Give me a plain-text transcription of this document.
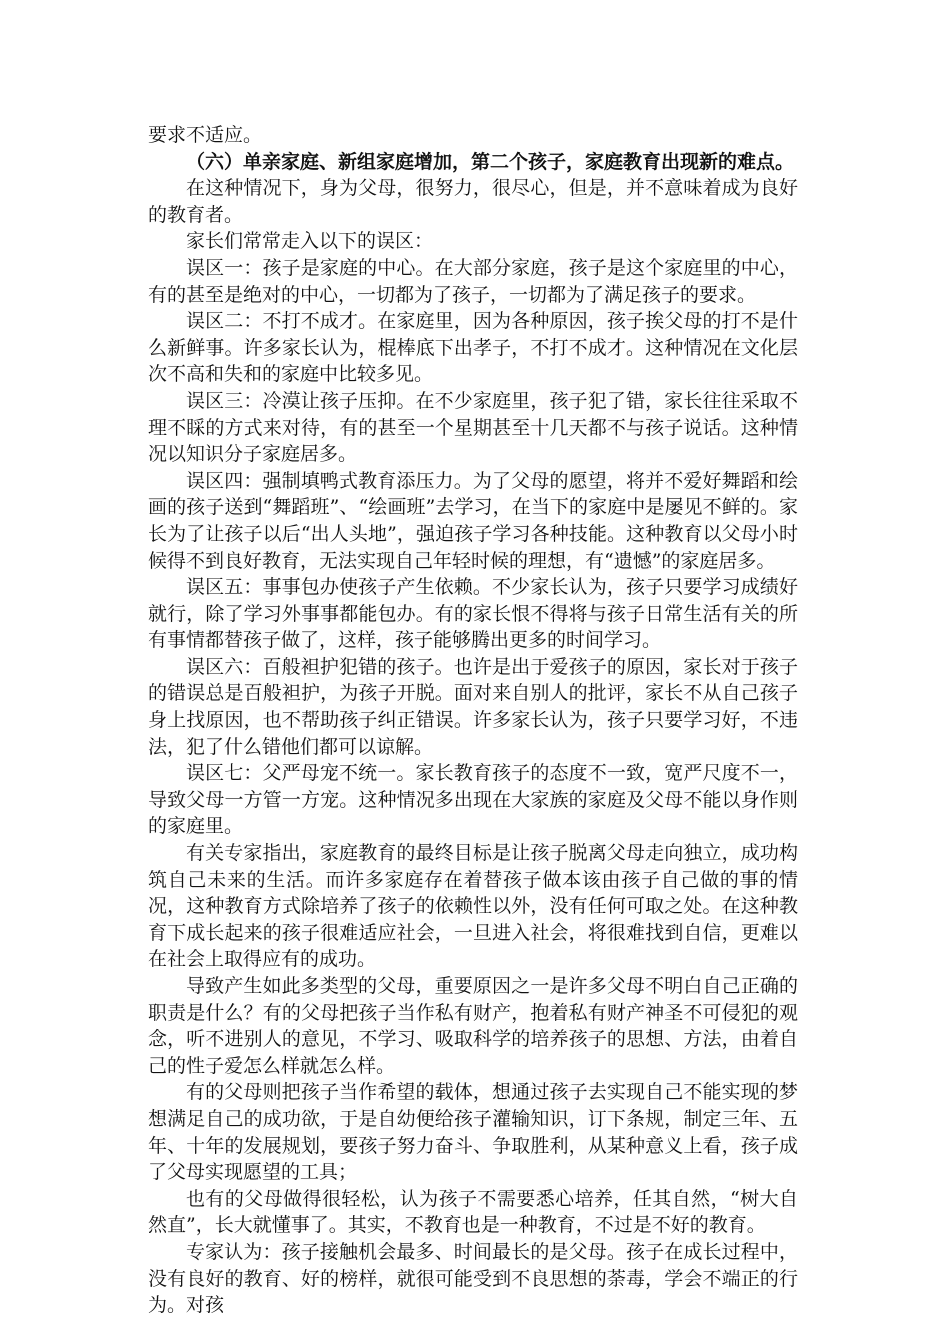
要求不适应。

（六）单亲家庭、新组家庭增加，第二个孩子，家庭教育出现新的难点。

在这种情况下，身为父母，很努力，很尽心，但是，并不意味着成为良好的教育者。

家长们常常走入以下的误区：

误区一：孩子是家庭的中心。在大部分家庭，孩子是这个家庭里的中心，有的甚至是绝对的中心，一切都为了孩子，一切都为了满足孩子的要求。

误区二：不打不成才。在家庭里，因为各种原因，孩子挨父母的打不是什么新鲜事。许多家长认为，棍棒底下出孝子，不打不成才。这种情况在文化层次不高和失和的家庭中比较多见。

误区三：冷漠让孩子压抑。在不少家庭里，孩子犯了错，家长往往采取不理不睬的方式来对待，有的甚至一个星期甚至十几天都不与孩子说话。这种情况以知识分子家庭居多。

误区四：强制填鸭式教育添压力。为了父母的愿望，将并不爱好舞蹈和绘画的孩子送到“舞蹈班”、“绘画班”去学习，在当下的家庭中是屡见不鲜的。家长为了让孩子以后“出人头地”，强迫孩子学习各种技能。这种教育以父母小时候得不到良好教育，无法实现自己年轻时候的理想，有“遗憾”的家庭居多。

误区五：事事包办使孩子产生依赖。不少家长认为，孩子只要学习成绩好就行，除了学习外事事都能包办。有的家长恨不得将与孩子日常生活有关的所有事情都替孩子做了，这样，孩子能够腾出更多的时间学习。

误区六：百般袒护犯错的孩子。也许是出于爱孩子的原因，家长对于孩子的错误总是百般袒护，为孩子开脱。面对来自别人的批评，家长不从自己孩子身上找原因，也不帮助孩子纠正错误。许多家长认为，孩子只要学习好，不违法，犯了什么错他们都可以谅解。

误区七：父严母宠不统一。家长教育孩子的态度不一致，宽严尺度不一，导致父母一方管一方宠。这种情况多出现在大家族的家庭及父母不能以身作则的家庭里。

有关专家指出，家庭教育的最终目标是让孩子脱离父母走向独立，成功构筑自己未来的生活。而许多家庭存在着替孩子做本该由孩子自己做的事的情况，这种教育方式除培养了孩子的依赖性以外，没有任何可取之处。在这种教育下成长起来的孩子很难适应社会，一旦进入社会，将很难找到自信，更难以在社会上取得应有的成功。

导致产生如此多类型的父母，重要原因之一是许多父母不明白自己正确的职责是什么？有的父母把孩子当作私有财产，抱着私有财产神圣不可侵犯的观念，听不进别人的意见，不学习、吸取科学的培养孩子的思想、方法，由着自己的性子爱怎么样就怎么样。

有的父母则把孩子当作希望的载体，想通过孩子去实现自己不能实现的梦想满足自己的成功欲，于是自幼便给孩子灌输知识，订下条规，制定三年、五年、十年的发展规划，要孩子努力奋斗、争取胜利，从某种意义上看，孩子成了父母实现愿望的工具；

也有的父母做得很轻松，认为孩子不需要悉心培养，任其自然，“树大自然直”，长大就懂事了。其实，不教育也是一种教育，不过是不好的教育。

专家认为：孩子接触机会最多、时间最长的是父母。孩子在成长过程中，没有良好的教育、好的榜样，就很可能受到不良思想的荼毒，学会不端正的行为。对孩
